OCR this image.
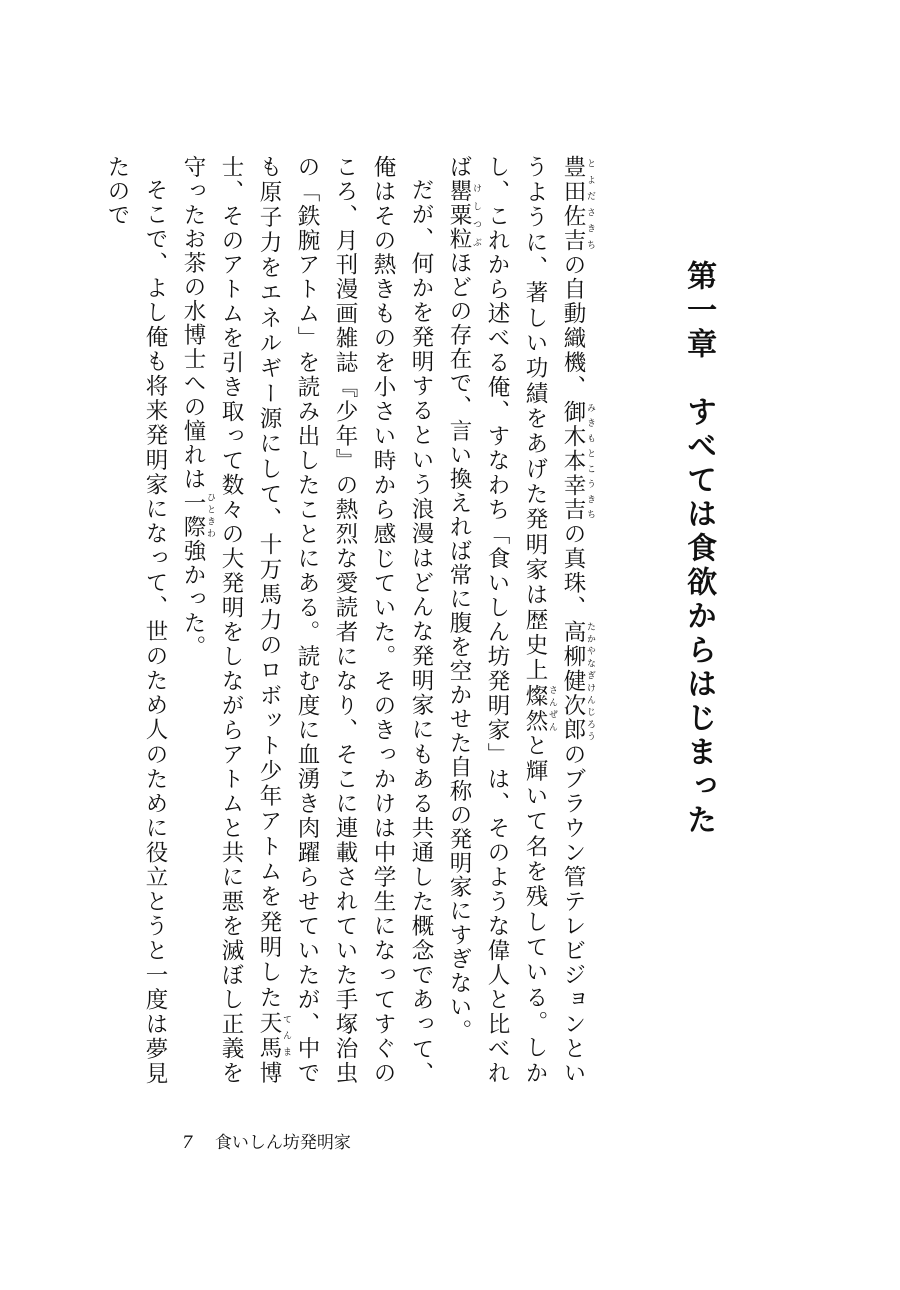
第一章　すべては食欲からはじまった

豊田佐吉 とよださきちの自動織機、御木本幸吉 みきもとこうきちの真珠、高柳健次郎 たかやなぎけんじろうのブラウン管テレビジョンというように、著しい功績をあげた発明家は歴史上燦然 さんぜんと輝いて名を残している。しかし、これから述べる俺、すなわち「食いしん坊発明家」は、そのような偉人と比べれば罌粟粒 けしつぶほどの存在で、言い換えれば常に腹を空かせた自称の発明家にすぎない。

だが、何かを発明するという浪漫はどんな発明家にもある共通した概念であって、俺はその熱きものを小さい時から感じていた。そのきっかけは中学生になってすぐのころ、月刊漫画雑誌『少年』の熱烈な愛読者になり、そこに連載されていた手塚治虫の「鉄腕アトム」を読み出したことにある。読む度に血湧き肉躍らせていたが、中でも原子力をエネルギー源にして、十万馬力のロボット少年アトムを発明した天馬 てんま博士、そのアトムを引き取って数々の大発明をしながらアトムと共に悪を滅ぼし正義を守ったお茶の水博士への憧れは一際 ひときわ強かった。

そこで、よし俺も将来発明家になって、世のため人のために役立とうと一度は夢見たので

7 食いしん坊発明家
